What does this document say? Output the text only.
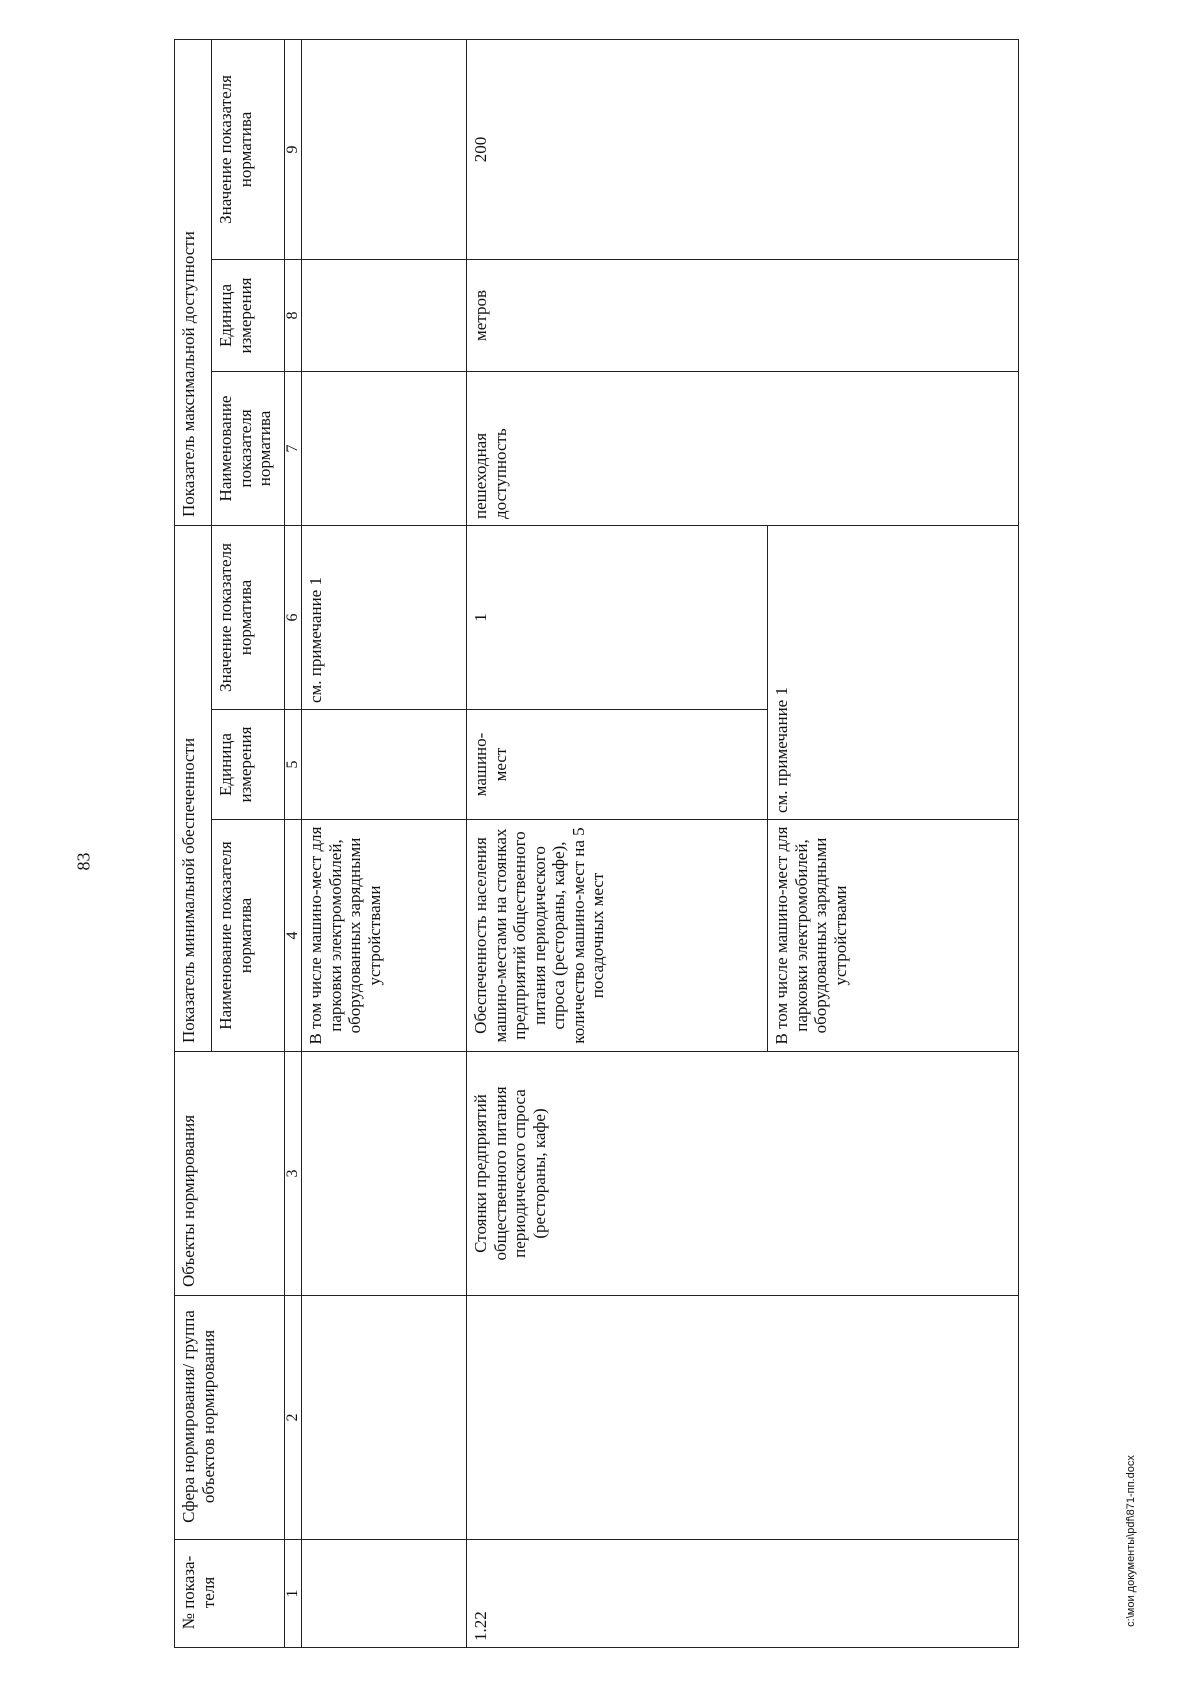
83
№ показа-теля	Сфера нормирования/ группа объектов нормирования	Объекты нормирования	Показатель минимальной обеспеченности			Показатель максимальной доступности		
			Наименование показателя норматива	Единица измерения	Значение показателя норматива	Наименование показателя норматива	Единица измерения	Значение показателя норматива
1	2	3	4	5	6	7	8	9
			В том числе машино-мест для парковки электромобилей, оборудованных зарядными устройствами		см. примечание 1			
1.22		Стоянки предприятий общественного питания периодического спроса (рестораны, кафе)	Обеспеченность населения машино-местами на стоянках предприятий общественного питания периодического спроса (рестораны, кафе), количество машино-мест на 5 посадочных мест	машино-мест	1	пешеходная доступность	метров	200
			В том числе машино-мест для парковки электромобилей, оборудованных зарядными устройствами	см. примечание 1				
c:\мои документы\pdf\871-пп.docx
